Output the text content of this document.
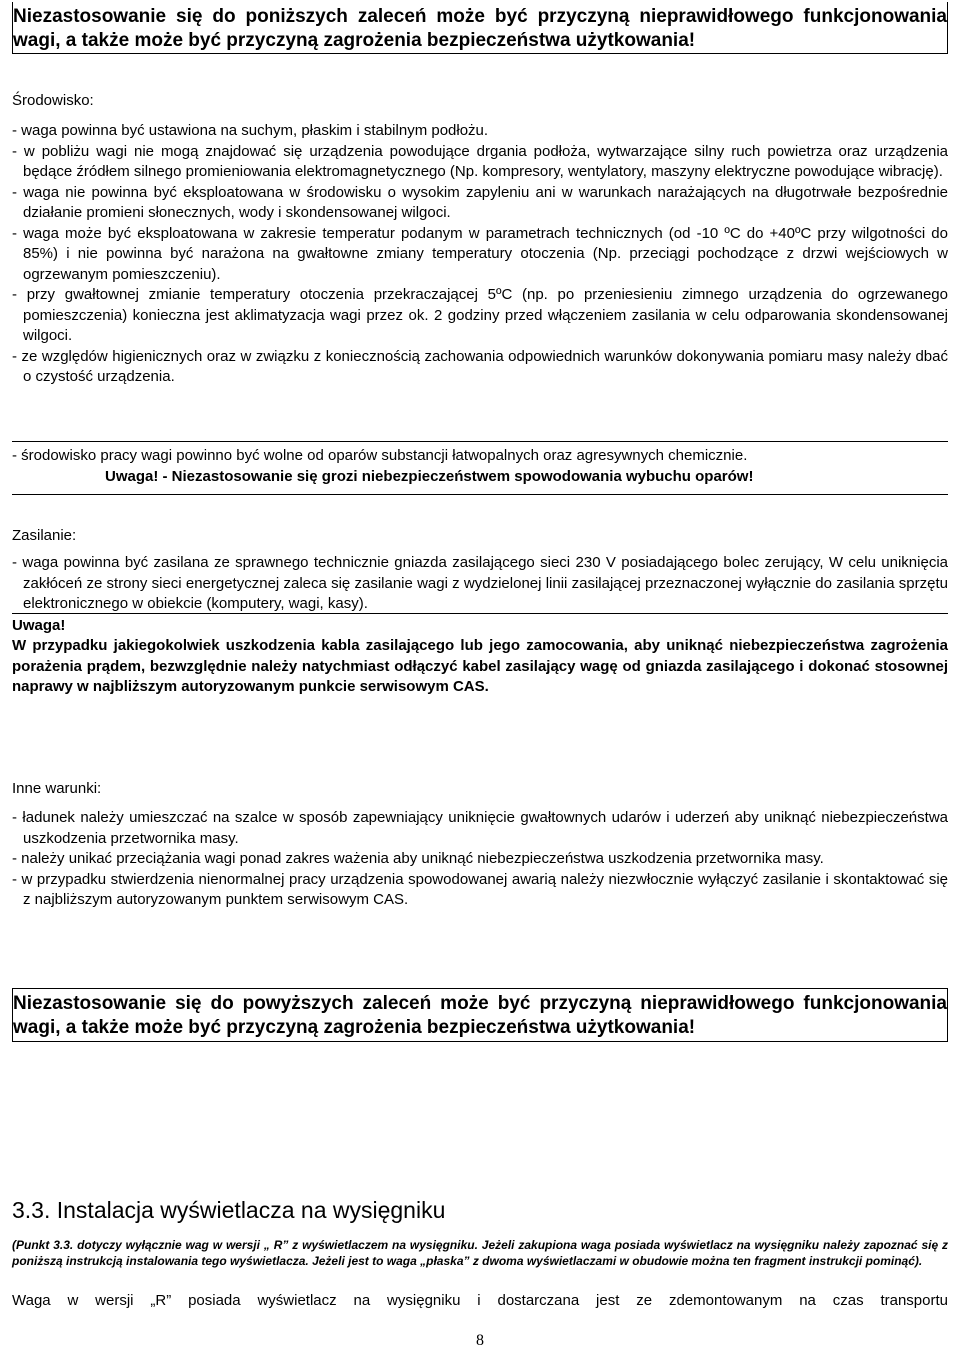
Niezastosowanie się do poniższych zaleceń może być przyczyną nieprawidłowego funkcjonowania wagi, a także może być przyczyną zagrożenia bezpieczeństwa użytkowania!
Środowisko:

- waga powinna być ustawiona na suchym, płaskim i stabilnym podłożu.

- w pobliżu wagi nie mogą znajdować się urządzenia powodujące drgania podłoża, wytwarzające silny ruch powietrza oraz urządzenia będące źródłem silnego promieniowania elektromagnetycznego (Np. kompresory, wentylatory, maszyny elektryczne powodujące wibrację).

- waga nie powinna być eksploatowana w środowisku o wysokim zapyleniu ani w warunkach narażających na długotrwałe bezpośrednie działanie promieni słonecznych, wody i skondensowanej wilgoci.

- waga może być eksploatowana w zakresie temperatur podanym w parametrach technicznych (od -10 ºC do +40ºC przy wilgotności do 85%) i nie powinna być narażona na gwałtowne zmiany temperatury otoczenia (Np. przeciągi pochodzące z drzwi wejściowych w ogrzewanym pomieszczeniu).

- przy gwałtownej zmianie temperatury otoczenia przekraczającej 5ºC (np. po przeniesieniu zimnego urządzenia do ogrzewanego pomieszczenia) konieczna jest aklimatyzacja wagi przez ok. 2 godziny przed włączeniem zasilania w celu odparowania skondensowanej wilgoci.

- ze względów higienicznych oraz w związku z koniecznością zachowania odpowiednich warunków dokonywania pomiaru masy należy dbać o czystość urządzenia.

- środowisko pracy wagi powinno być wolne od oparów substancji łatwopalnych oraz agresywnych chemicznie.

Uwaga! - Niezastosowanie się grozi niebezpieczeństwem spowodowania wybuchu oparów!

Zasilanie:

- waga powinna być zasilana ze sprawnego technicznie gniazda zasilającego sieci 230 V posiadającego bolec zerujący, W celu uniknięcia zakłóceń ze strony sieci energetycznej zaleca się zasilanie wagi z wydzielonej linii zasilającej przeznaczonej wyłącznie do zasilania sprzętu elektronicznego w obiekcie (komputery, wagi, kasy).

Uwaga!

W przypadku jakiegokolwiek uszkodzenia kabla zasilającego lub jego zamocowania, aby uniknąć niebezpieczeństwa zagrożenia porażenia prądem, bezwzględnie należy natychmiast odłączyć kabel zasilający wagę od gniazda zasilającego i dokonać stosownej naprawy w najbliższym autoryzowanym punkcie serwisowym CAS.

Inne warunki:

- ładunek należy umieszczać na szalce w sposób zapewniający uniknięcie gwałtownych udarów i uderzeń aby uniknąć niebezpieczeństwa uszkodzenia przetwornika masy.

- należy unikać przeciążania wagi ponad zakres ważenia aby uniknąć niebezpieczeństwa uszkodzenia przetwornika masy.

- w przypadku stwierdzenia nienormalnej pracy urządzenia spowodowanej awarią należy niezwłocznie wyłączyć zasilanie i skontaktować się z najbliższym autoryzowanym punktem serwisowym CAS.

Niezastosowanie się do powyższych zaleceń może być przyczyną nieprawidłowego funkcjonowania wagi, a także może być przyczyną zagrożenia bezpieczeństwa użytkowania!
3.3. Instalacja wyświetlacza na wysięgniku
(Punkt 3.3. dotyczy wyłącznie wag w wersji „ R” z wyświetlaczem na wysięgniku. Jeżeli zakupiona waga posiada wyświetlacz na wysięgniku należy zapoznać się z poniższą instrukcją instalowania tego wyświetlacza. Jeżeli jest to waga „płaska” z dwoma wyświetlaczami w obudowie można ten fragment instrukcji pominąć).

Waga w wersji „R” posiada wyświetlacz na wysięgniku i dostarczana jest ze zdemontowanym na czas transportu

8
